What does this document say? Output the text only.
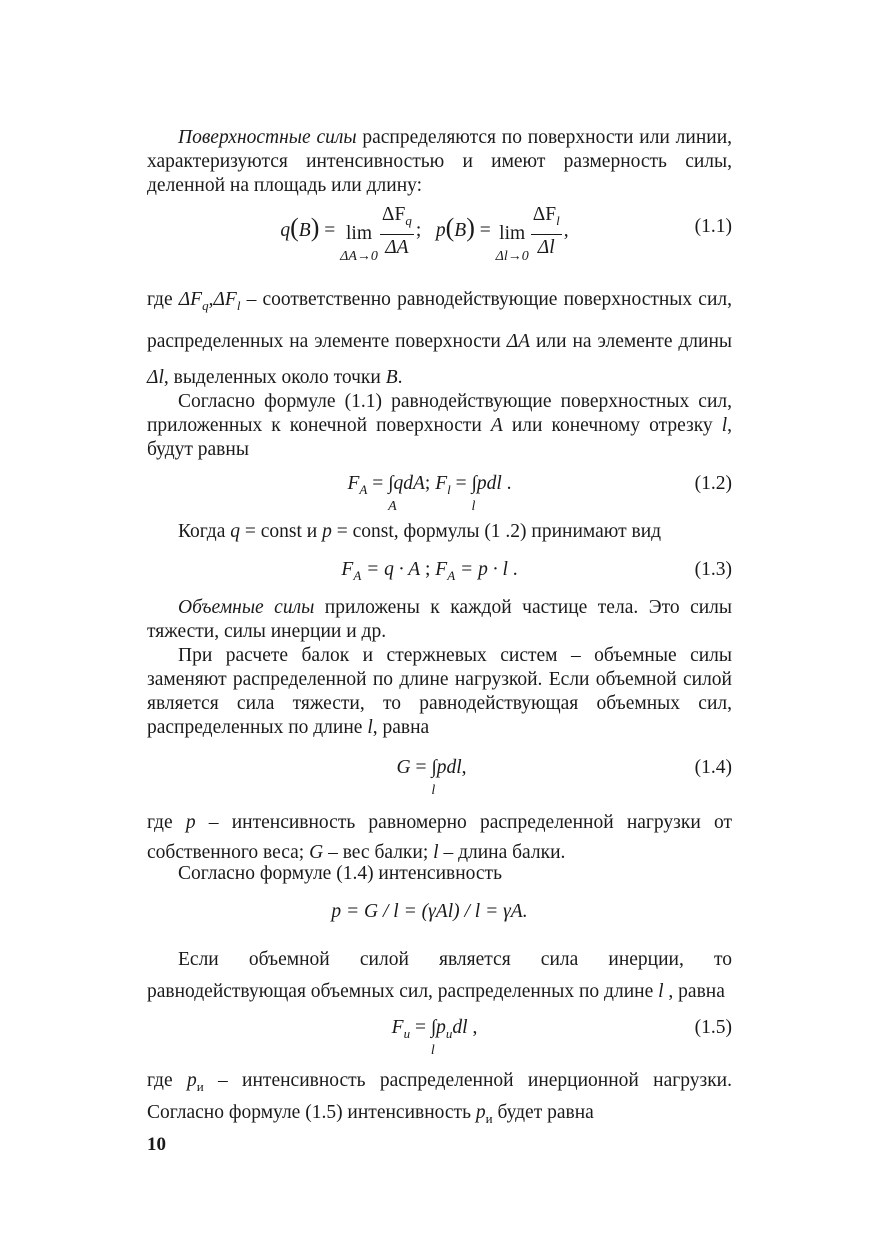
Поверхностные силы распределяются по поверхности или линии, характеризуются интенсивностью и имеют размерность силы, деленной на площадь или длину:

q(B) = lim
$\Delta A\to 0 \frac{\Delta F_q}{\Delta A}$ ; p(B) = lim
$\Delta l\to 0 \frac{\Delta F_l}{\Delta l}$ ,	(1.1)

где $\Delta F_q,\Delta F_l$ – соответственно равнодействующие поверхностных сил, распределенных на элементе поверхности ΔA или на элементе длины Δl, выделенных около точки B.

Согласно формуле (1.1) равнодействующие поверхностных сил, приложенных к конечной поверхности A или конечному отрезку l, будут равны

$F_A$ = ∫
A
qdA; $F_l$ = ∫
l
pdl .	(1.2)

Когда q = const и p = const, формулы (1 .2) принимают вид

$F_A = q \cdot A$ ; $F_A = p \cdot l$ .	(1.3)

Объемные силы приложены к каждой частице тела. Это силы тяжести, силы инерции и др.

При расчете балок и стержневых систем – объемные силы заменяют распределенной по длине нагрузкой. Если объемной силой является сила тяжести, то равнодействующая объемных сил, распределенных по длине l, равна

G = ∫
l
pdl,	(1.4)

где p – интенсивность равномерно распределенной нагрузки от собственного веса; G – вес балки; l – длина балки.

Согласно формуле (1.4) интенсивность

p = G / l = (γAl) / l = γA.

Если объемной силой является сила инерции, то равнодействующая объемных сил, распределенных по длине l , равна

$F_u$ = ∫
l
$p_udl$ ,	(1.5)

где $p_и$ – интенсивность распределенной инерционной нагрузки. Согласно формуле (1.5) интенсивность $p_и$ будет равна

10
